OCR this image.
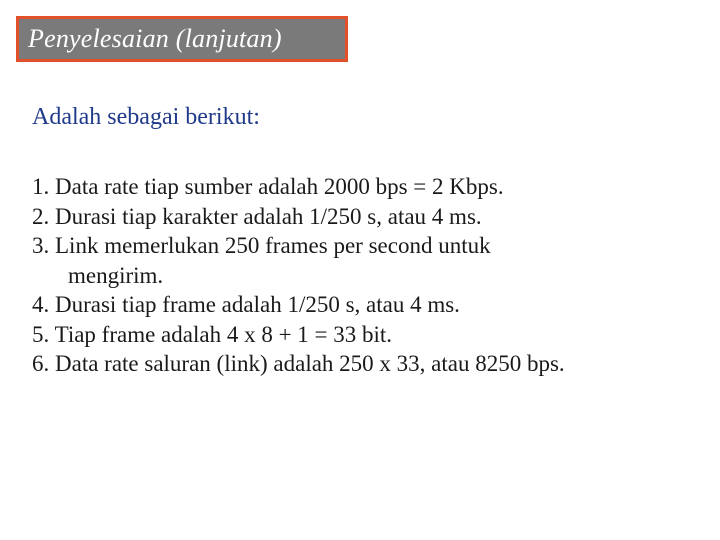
Penyelesaian (lanjutan)
Adalah sebagai berikut:
1. Data rate tiap sumber adalah 2000 bps = 2 Kbps.
2. Durasi tiap karakter adalah 1/250 s, atau 4 ms.
3. Link memerlukan 250 frames per second untuk
mengirim.
4. Durasi tiap frame adalah 1/250 s, atau 4 ms.
5. Tiap frame adalah 4 x 8 + 1 = 33 bit.
6. Data rate saluran (link) adalah 250 x 33, atau 8250 bps.
